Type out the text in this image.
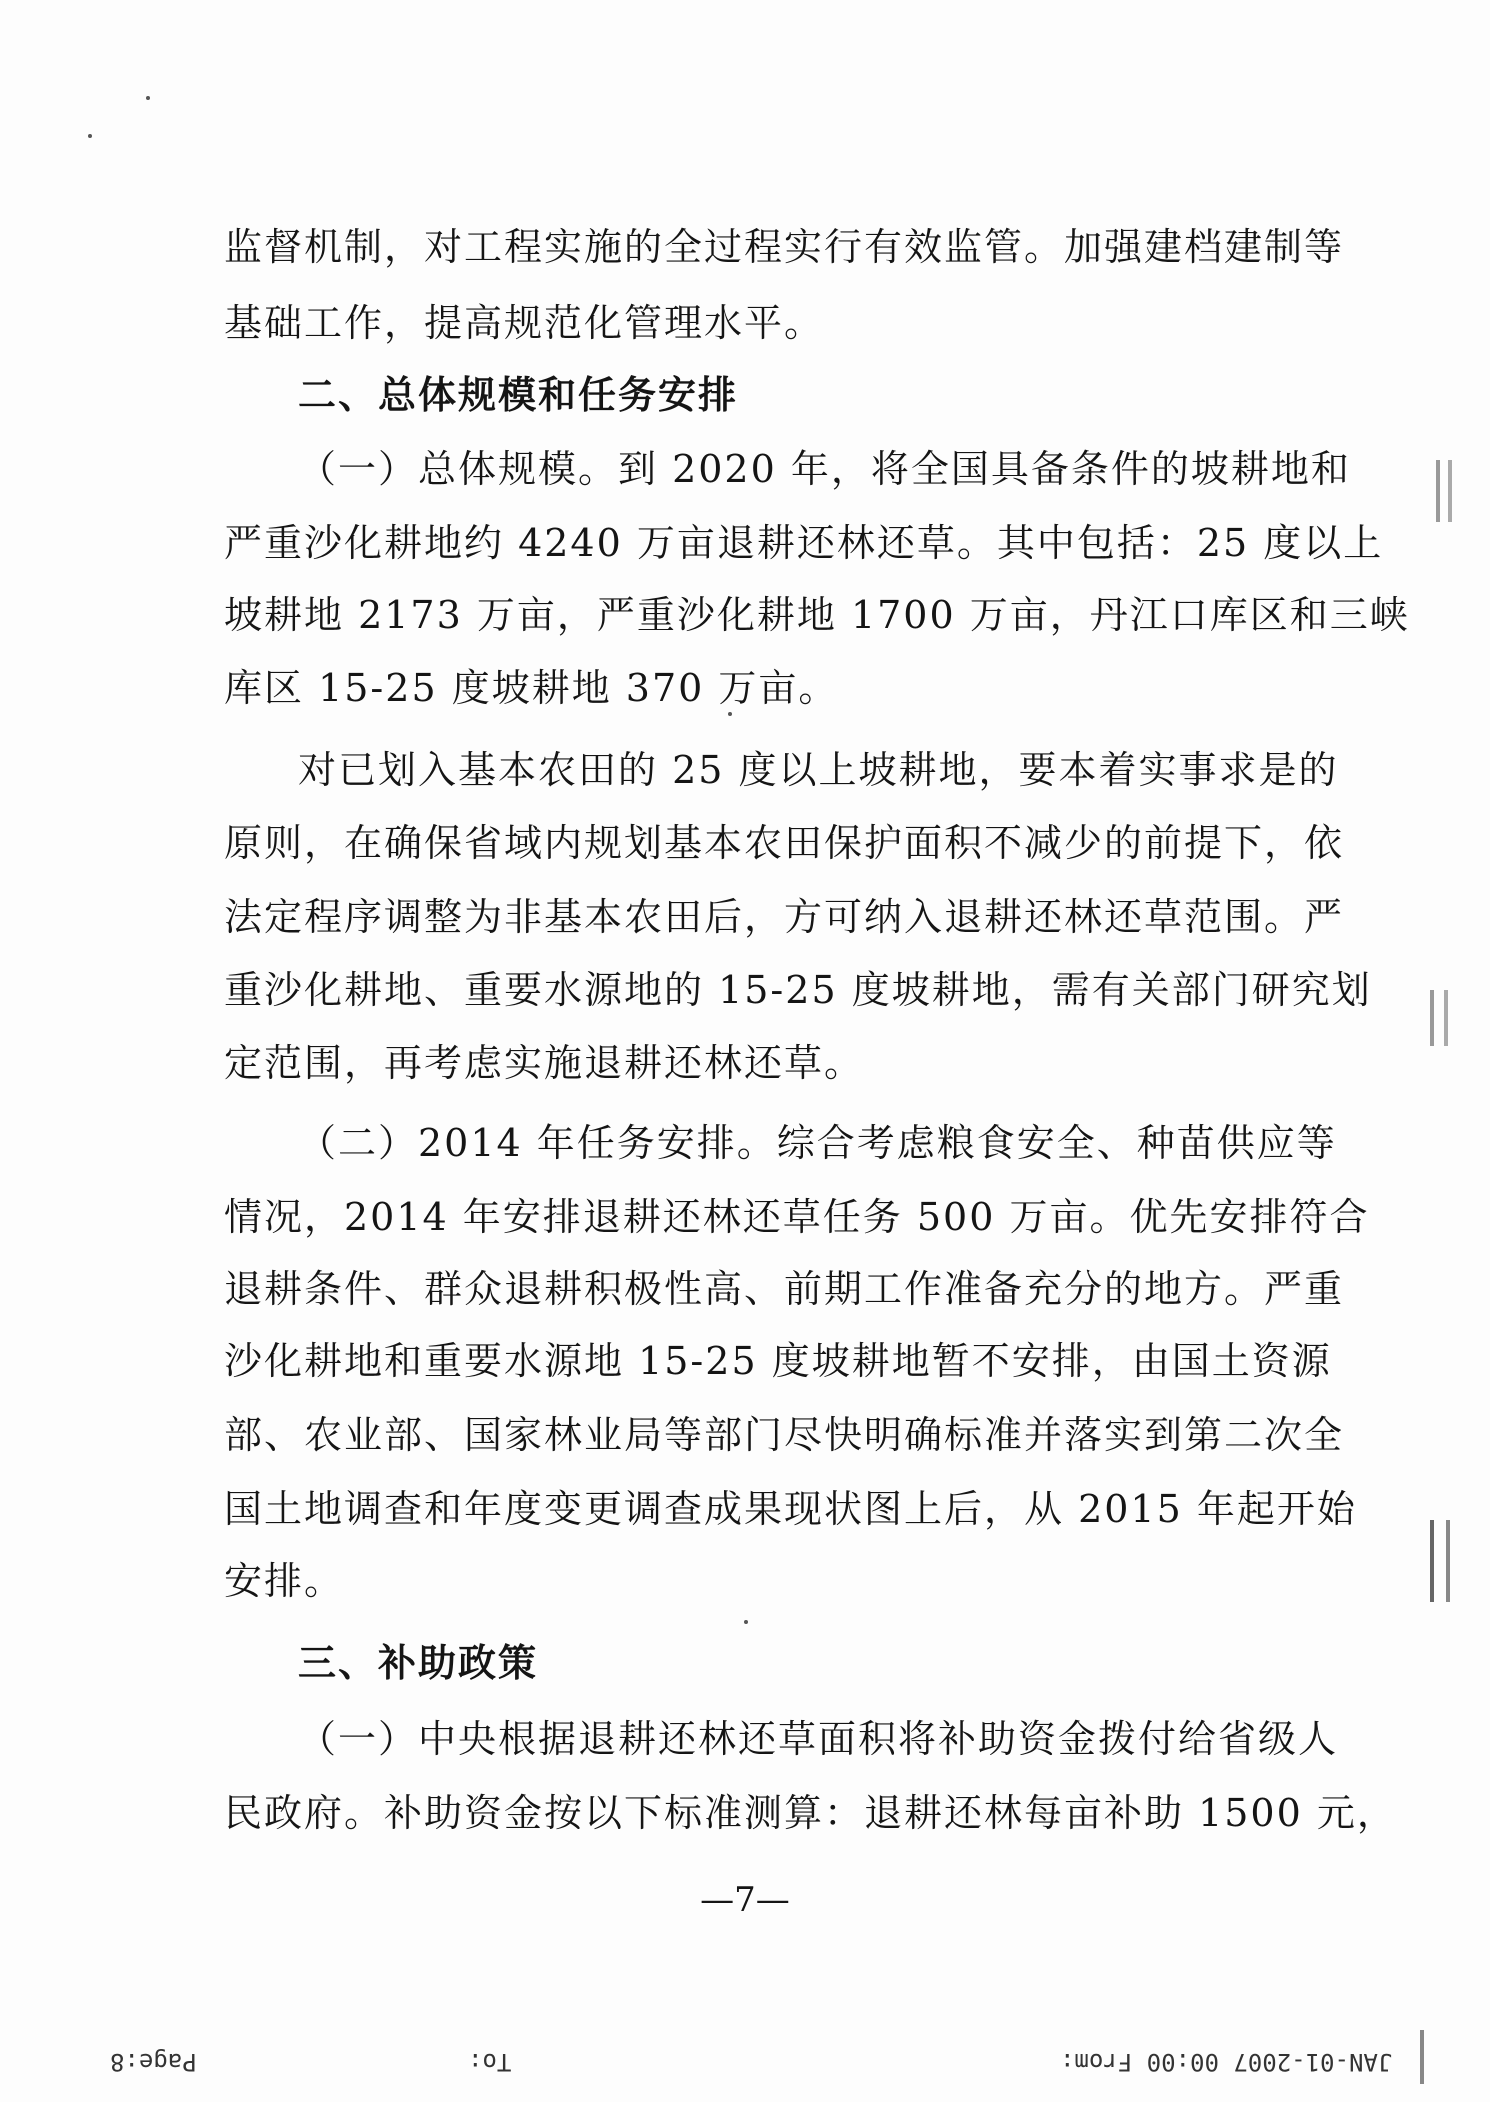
监督机制，对工程实施的全过程实行有效监管。加强建档建制等
基础工作，提高规范化管理水平。
二、总体规模和任务安排
（一）总体规模。到 2020 年，将全国具备条件的坡耕地和
严重沙化耕地约 4240 万亩退耕还林还草。其中包括：25 度以上
坡耕地 2173 万亩，严重沙化耕地 1700 万亩，丹江口库区和三峡
库区 15-25 度坡耕地 370 万亩。
对已划入基本农田的 25 度以上坡耕地，要本着实事求是的
原则，在确保省域内规划基本农田保护面积不减少的前提下，依
法定程序调整为非基本农田后，方可纳入退耕还林还草范围。严
重沙化耕地、重要水源地的 15-25 度坡耕地，需有关部门研究划
定范围，再考虑实施退耕还林还草。
（二）2014 年任务安排。综合考虑粮食安全、种苗供应等
情况，2014 年安排退耕还林还草任务 500 万亩。优先安排符合
退耕条件、群众退耕积极性高、前期工作准备充分的地方。严重
沙化耕地和重要水源地 15-25 度坡耕地暂不安排，由国土资源
部、农业部、国家林业局等部门尽快明确标准并落实到第二次全
国土地调查和年度变更调查成果现状图上后，从 2015 年起开始
安排。
三、补助政策
（一）中央根据退耕还林还草面积将补助资金拨付给省级人
民政府。补助资金按以下标准测算：退耕还林每亩补助 1500 元，
—7—
JAN-01-2007 00:00 From:
To:
Page:8
